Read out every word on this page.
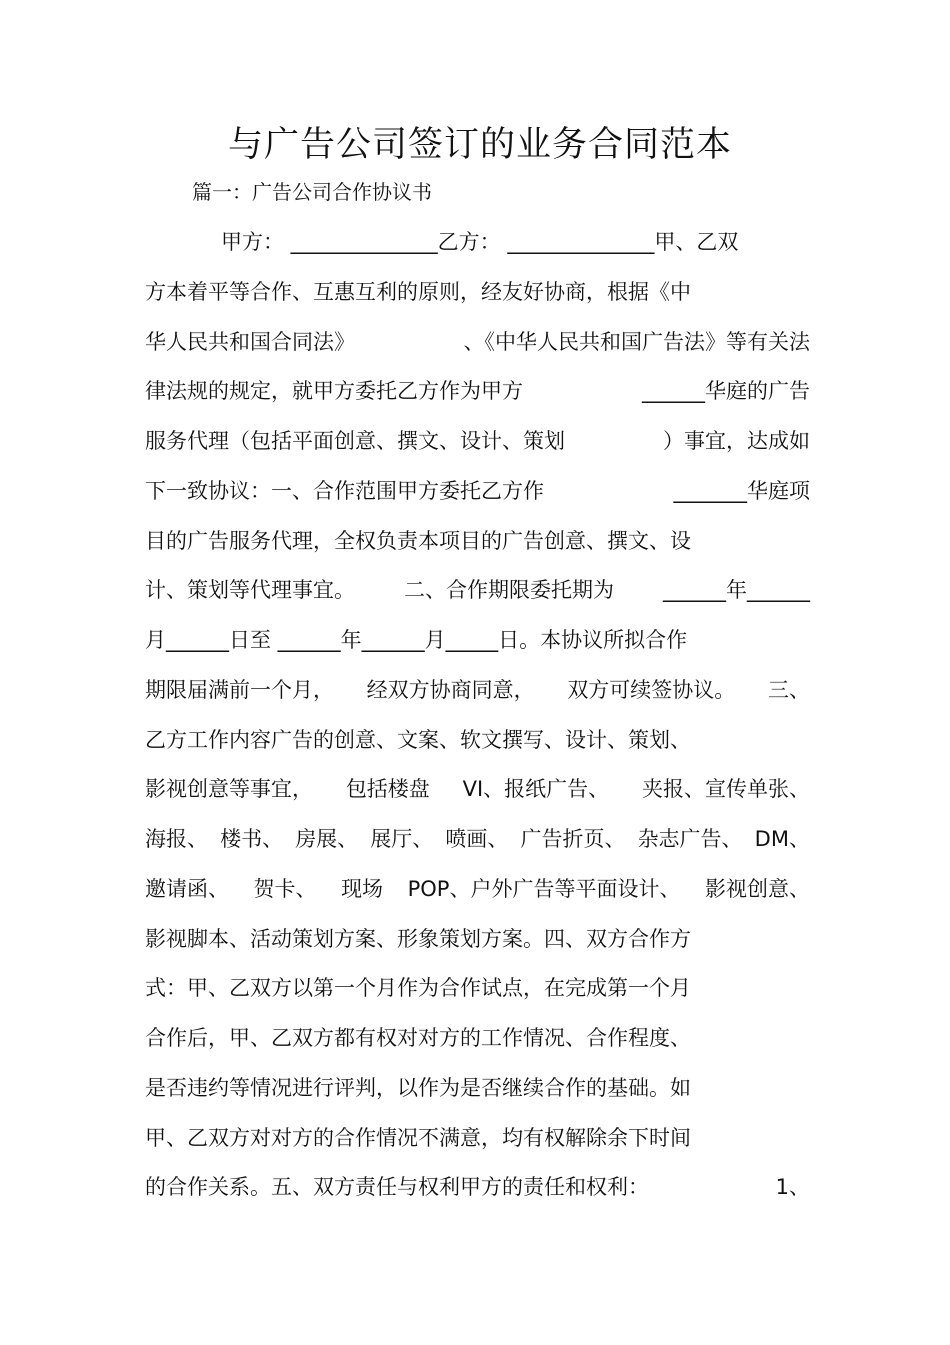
与广告公司签订的业务合同范本
篇一：广告公司合作协议书
甲方： ______________乙方： ______________甲、乙双
方本着平等合作、互惠互利的原则，经友好协商，根据《中
华人民共和国合同法》	、《中华人民共和国广告法》等有关法
律法规的规定，就甲方委托乙方作为甲方	______华庭的广告
服务代理（包括平面创意、撰文、设计、策划	）事宜，达成如
下一致协议：一、合作范围甲方委托乙方作	_______华庭项
目的广告服务代理，全权负责本项目的广告创意、撰文、设
计、策划等代理事宜。 二、合作期限委托期为 ______年______
月______日至 ______年______月_____日。本协议所拟合作
期限届满前一个月， 经双方协商同意， 双方可续签协议。 三、
乙方工作内容广告的创意、文案、软文撰写、设计、策划、
影视创意等事宜， 包括楼盘 VI、报纸广告、 夹报、宣传单张、
海报、 楼书、 房展、 展厅、 喷画、 广告折页、 杂志广告、 DM、
邀请函、 贺卡、 现场 POP、户外广告等平面设计、 影视创意、
影视脚本、活动策划方案、形象策划方案。四、双方合作方
式：甲、乙双方以第一个月作为合作试点，在完成第一个月
合作后，甲、乙双方都有权对对方的工作情况、合作程度、
是否违约等情况进行评判，以作为是否继续合作的基础。如
甲、乙双方对对方的合作情况不满意，均有权解除余下时间
的合作关系。五、双方责任与权利甲方的责任和权利：	1、
